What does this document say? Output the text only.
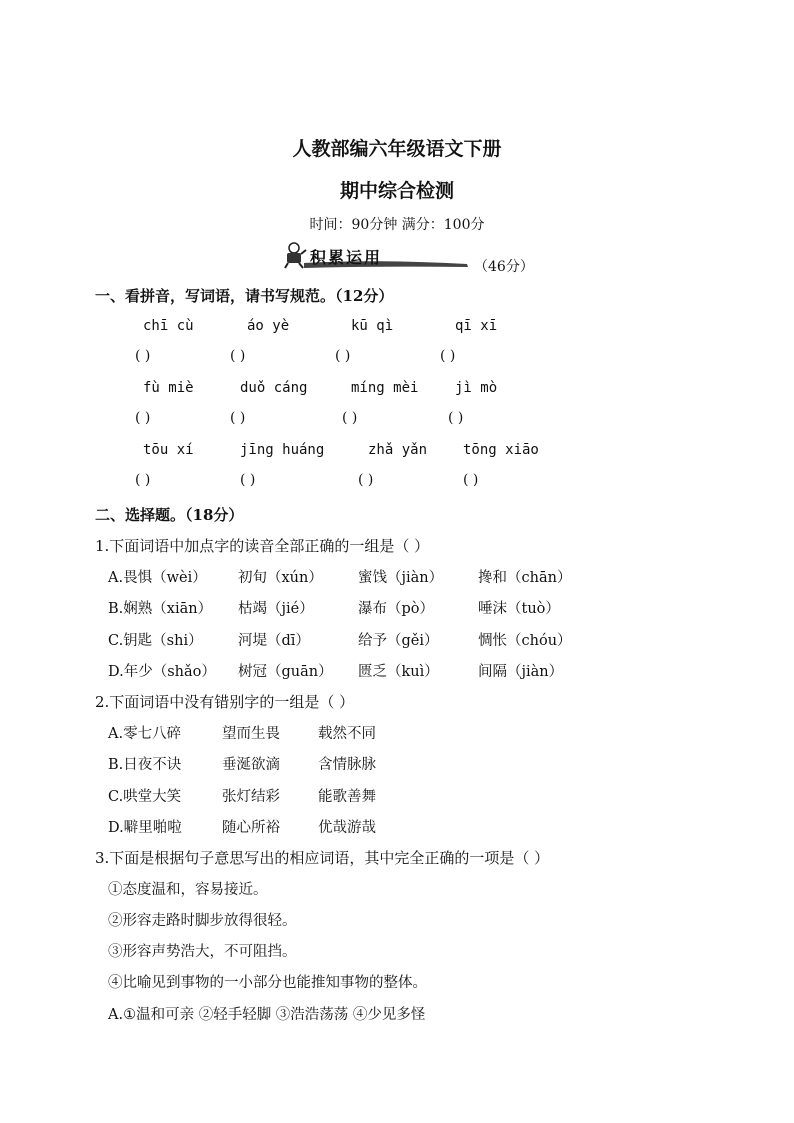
人教部编六年级语文下册
期中综合检测
时间：90分钟 满分：100分
积累运用	（46分）
一、看拼音，写词语，请书写规范。（12分）
chī cù	áo yè	kū qì	qī xī
( )	( )	( )	( )
fù miè	duǒ cáng	míng mèi	jì mò
( )	( )	( )	( )
tōu xí	jīng huáng	zhǎ yǎn	tōng xiāo
( )	( )	( )	( )
二、选择题。（18分）
1.下面词语中加点字的读音全部正确的一组是（ ）
A.畏惧（wèi） 初旬（xún） 蜜饯（jiàn） 搀和（chān）
B.娴熟（xiān） 枯竭（jié）	瀑布（pò）	唾沫（tuò）
C.钥匙（shi） 河堤（dī）	给予（gěi）	惆怅（chóu）
D.年少（shǎo） 树冠（guān） 匮乏（kuì）	间隔（jiàn）
2.下面词语中没有错别字的一组是（ ）
A.零七八碎	望而生畏	载然不同
B.日夜不诀	垂涎欲滴	含情脉脉
C.哄堂大笑	张灯结彩	能歌善舞
D.噼里啪啦	随心所裕	优哉游哉
3.下面是根据句子意思写出的相应词语，其中完全正确的一项是（ ）
①态度温和，容易接近。
②形容走路时脚步放得很轻。
③形容声势浩大，不可阻挡。
④比喻见到事物的一小部分也能推知事物的整体。
A.①温和可亲 ②轻手轻脚 ③浩浩荡荡 ④少见多怪
